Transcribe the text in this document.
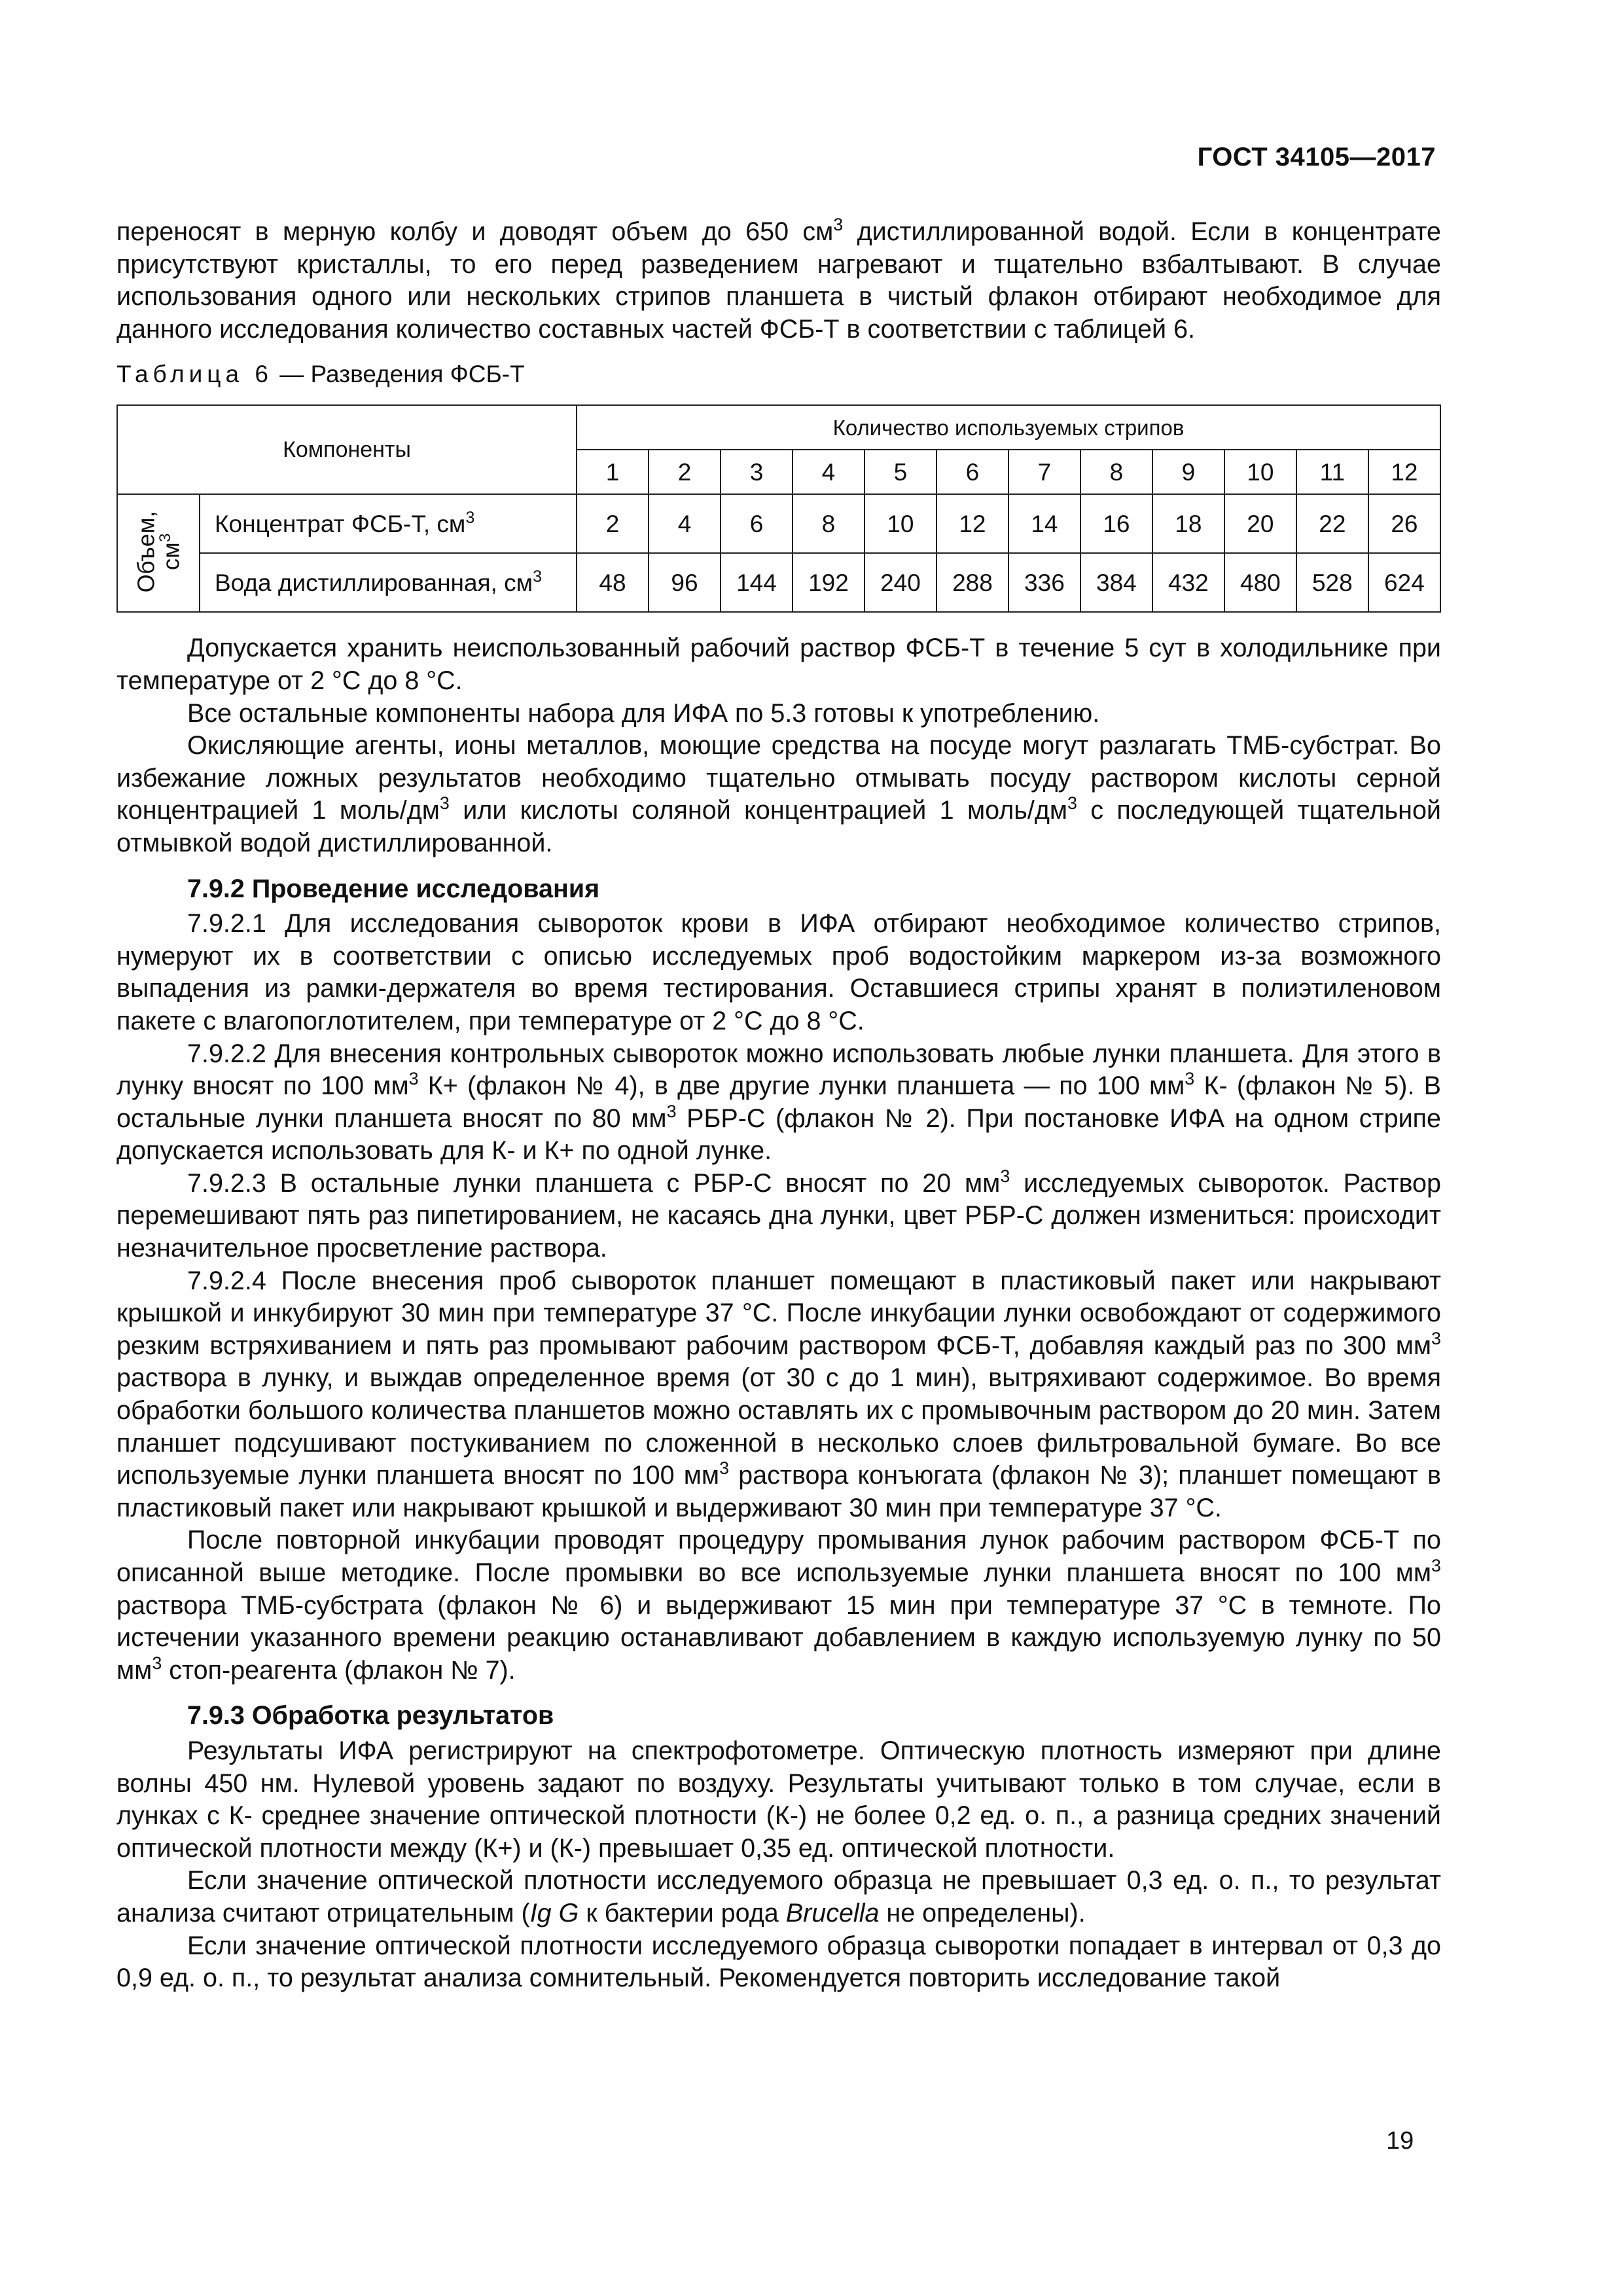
ГОСТ 34105—2017

переносят в мерную колбу и доводят объем до 650 $см^3$ дистиллированной водой. Если в концентрате присутствуют кристаллы, то его перед разведением нагревают и тщательно взбалтывают. В случае использования одного или нескольких стрипов планшета в чистый флакон отбирают необходимое для данного исследования количество составных частей ФСБ-Т в соответствии с таблицей 6.

Таблица 6 — Разведения ФСБ-Т

Компоненты		Количество используемых стрипов											
		1	2	3	4	5	6	7	8	9	10	11	12

Объем,
$см^3$	Концентрат ФСБ-Т, $см^3$	2	4	6	8	10	12	14	16	18	20	22	26
	Вода дистиллированная, $см^3$	48	96	144	192	240	288	336	384	432	480	528	624

Допускается хранить неиспользованный рабочий раствор ФСБ-Т в течение 5 сут в холодильнике при температуре от 2 °С до 8 °С.

Все остальные компоненты набора для ИФА по 5.3 готовы к употреблению.

Окисляющие агенты, ионы металлов, моющие средства на посуде могут разлагать ТМБ-субстрат. Во избежание ложных результатов необходимо тщательно отмывать посуду раствором кислоты серной концентрацией 1 моль/$дм^3$ или кислоты соляной концентрацией 1 моль/$дм^3$ с последующей тщательной отмывкой водой дистиллированной.

7.9.2 Проведение исследования

7.9.2.1 Для исследования сывороток крови в ИФА отбирают необходимое количество стрипов, нумеруют их в соответствии с описью исследуемых проб водостойким маркером из-за возможного выпадения из рамки-держателя во время тестирования. Оставшиеся стрипы хранят в полиэтиленовом пакете с влагопоглотителем, при температуре от 2 °С до 8 °С.

7.9.2.2 Для внесения контрольных сывороток можно использовать любые лунки планшета. Для этого в лунку вносят по 100 $мм^3$ К+ (флакон № 4), в две другие лунки планшета — по 100 $мм^3$ К- (флакон № 5). В остальные лунки планшета вносят по 80 $мм^3$ РБР-С (флакон № 2). При постановке ИФА на одном стрипе допускается использовать для К- и К+ по одной лунке.

7.9.2.3 В остальные лунки планшета с РБР-С вносят по 20 $мм^3$ исследуемых сывороток. Раствор перемешивают пять раз пипетированием, не касаясь дна лунки, цвет РБР-С должен измениться: происходит незначительное просветление раствора.

7.9.2.4 После внесения проб сывороток планшет помещают в пластиковый пакет или накрывают крышкой и инкубируют 30 мин при температуре 37 °С. После инкубации лунки освобождают от содержимого резким встряхиванием и пять раз промывают рабочим раствором ФСБ-Т, добавляя каждый раз по 300 $мм^3$ раствора в лунку, и выждав определенное время (от 30 с до 1 мин), вытряхивают содержимое. Во время обработки большого количества планшетов можно оставлять их с промывочным раствором до 20 мин. Затем планшет подсушивают постукиванием по сложенной в несколько слоев фильтровальной бумаге. Во все используемые лунки планшета вносят по 100 $мм^3$ раствора конъюгата (флакон № 3); планшет помещают в пластиковый пакет или накрывают крышкой и выдерживают 30 мин при температуре 37 °С.

После повторной инкубации проводят процедуру промывания лунок рабочим раствором ФСБ-Т по описанной выше методике. После промывки во все используемые лунки планшета вносят по 100 $мм^3$ раствора ТМБ-субстрата (флакон № 6) и выдерживают 15 мин при температуре 37 °С в темноте. По истечении указанного времени реакцию останавливают добавлением в каждую используемую лунку по 50 $мм^3$ стоп-реагента (флакон № 7).

7.9.3 Обработка результатов

Результаты ИФА регистрируют на спектрофотометре. Оптическую плотность измеряют при длине волны 450 нм. Нулевой уровень задают по воздуху. Результаты учитывают только в том случае, если в лунках с К- среднее значение оптической плотности (К-) не более 0,2 ед. о. п., а разница средних значений оптической плотности между (К+) и (К-) превышает 0,35 ед. оптической плотности.

Если значение оптической плотности исследуемого образца не превышает 0,3 ед. о. п., то результат анализа считают отрицательным (Ig G к бактерии рода Brucella не определены).

Если значение оптической плотности исследуемого образца сыворотки попадает в интервал от 0,3 до 0,9 ед. о. п., то результат анализа сомнительный. Рекомендуется повторить исследование такой

19
